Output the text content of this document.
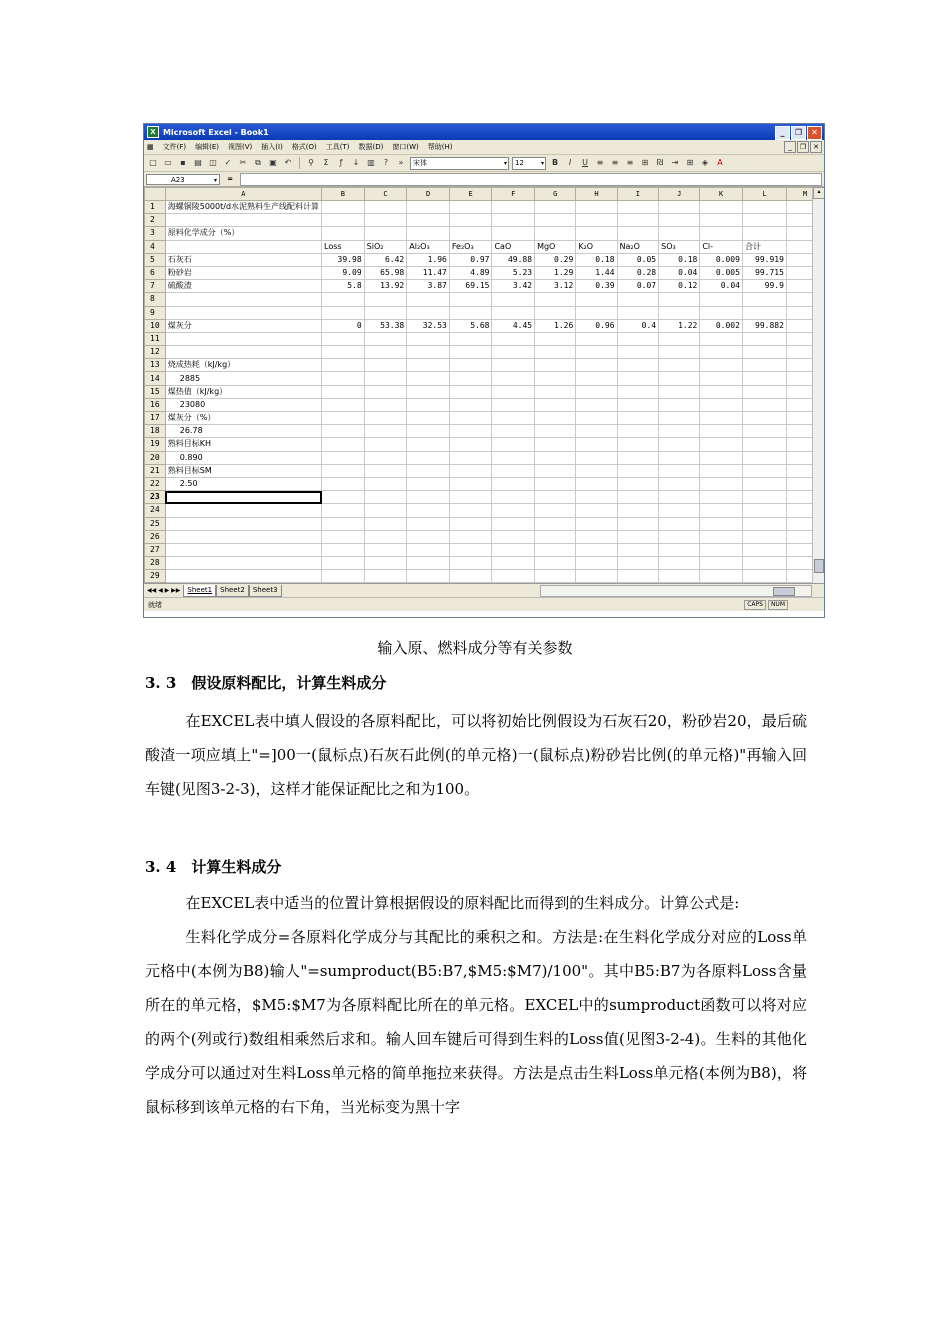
X Microsoft Excel - Book1	_	❐	✕
▦ 文件(F) 编辑(E) 视图(V) 插入(I) 格式(O) 工具(T) 数据(D) 窗口(W) 帮助(H)	_	❐ ✕
□ ▭	▪	▤ ◫ ✓	✂	⧉	▣ ↶	⚲	Σ	ƒ	↓ ▥	?	»	宋体	▾	12	▾ B	I	U	≡	≡	≡	⊞	₪	⇥	⊞	◈	A
A23	▾	=
	A	B	C	D	E	F	G	H	I	J	K	L	M
1	海螺铜陵5000t/d水泥熟料生产线配料计算												
2													
3	原料化学成分（%）												
4		Loss	SiO₂	Al₂O₃	Fe₂O₃	CaO	MgO	K₂O	Na₂O	SO₃	Cl-	合计	
5	石灰石	39.98	6.42	1.96	0.97	49.88	0.29	0.18	0.05	0.18	0.009	99.919	
6	粉砂岩	9.09	65.98	11.47	4.89	5.23	1.29	1.44	0.28	0.04	0.005	99.715	
7	硫酸渣	5.8	13.92	3.87	69.15	3.42	3.12	0.39	0.07	0.12	0.04	99.9	
8													
9													
10	煤灰分	0	53.38	32.53	5.68	4.45	1.26	0.96	0.4	1.22	0.002	99.882	
11													
12													
13	烧成热耗（kJ/kg）												
14	2885												
15	煤热值（kJ/kg）												
16	23080												
17	煤灰分（%）												
18	26.78												
19	熟料目标KH												
20	0.890												
21	熟料目标SM												
22	2.50												
23													
24													
25													
26													
27													
28													
29													

▴
◀◀ ◀ ▶ ▶▶	Sheet1	Sheet2	Sheet3
就绪	CAPS	NUM
输入原、燃料成分等有关参数
3. 3　假设原料配比，计算生料成分

在EXCEL表中填人假设的各原料配比，可以将初始比例假设为石灰石20，粉砂岩20，最后硫酸渣一项应填上"=]00一(鼠标点)石灰石此例(的单元格)一(鼠标点)粉砂岩比例(的单元格)"再输入回车键(见图3-2-3)，这样才能保证配比之和为100。

3. 4　计算生料成分

在EXCEL表中适当的位置计算根据假设的原料配比而得到的生料成分。计算公式是:

生料化学成分=各原料化学成分与其配比的乘积之和。方法是:在生料化学成分对应的Loss单元格中(本例为B8)输人"=sumproduct(B5:B7,$M5:$M7)/100"。其中B5:B7为各原料Loss含量所在的单元格，$M5:$M7为各原料配比所在的单元格。EXCEL中的sumproduct函数可以将对应的两个(列或行)数组相乘然后求和。输人回车键后可得到生料的Loss值(见图3-2-4)。生料的其他化学成分可以通过对生料Loss单元格的简单拖拉来获得。方法是点击生料Loss单元格(本例为B8)，将鼠标移到该单元格的右下角，当光标变为黑十字
